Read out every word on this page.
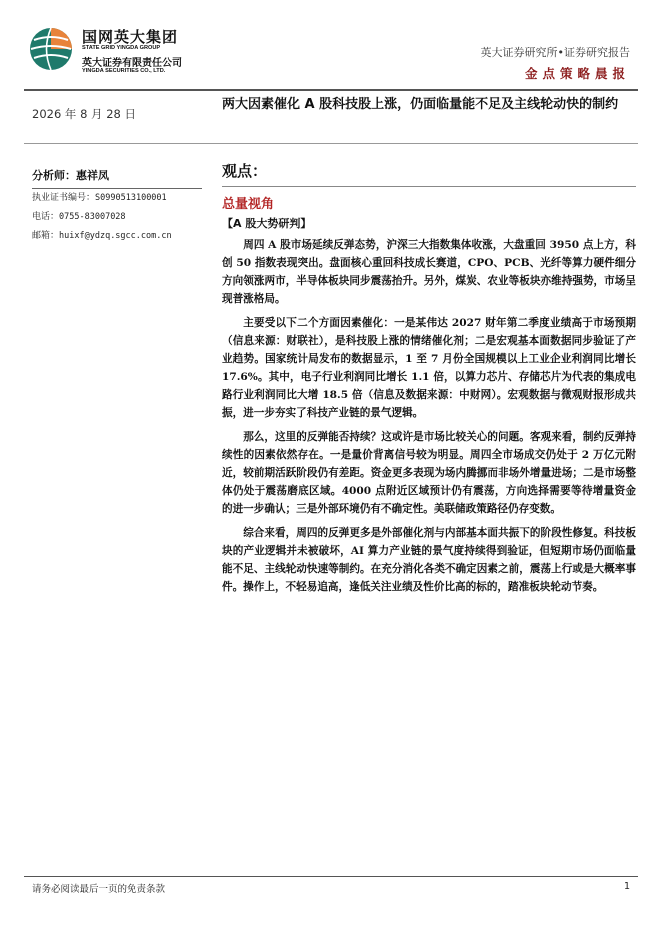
国网英大集团
STATE GRID YINGDA GROUP
英大证券有限责任公司
YINGDA SECURITIES CO., LTD.
英大证券研究所•证券研究报告
金点策略晨报
2026 年 8 月 28 日
两大因素催化 A 股科技股上涨，仍面临量能不足及主线轮动快的制约
分析师：惠祥凤
执业证书编号：S0990513100001
电话：0755-83007028
邮箱：huixf@ydzq.sgcc.com.cn
观点：
总量视角
【A 股大势研判】

周四 A 股市场延续反弹态势，沪深三大指数集体收涨，大盘重回 3950 点上方，科创 50 指数表现突出。盘面核心重回科技成长赛道，CPO、PCB、光纤等算力硬件细分方向领涨两市，半导体板块同步震荡抬升。另外，煤炭、农业等板块亦维持强势，市场呈现普涨格局。

主要受以下二个方面因素催化：一是某伟达 2027 财年第二季度业绩高于市场预期（信息来源：财联社），是科技股上涨的情绪催化剂；二是宏观基本面数据同步验证了产业趋势。国家统计局发布的数据显示，1 至 7 月份全国规模以上工业企业利润同比增长 17.6%。其中，电子行业利润同比增长 1.1 倍，以算力芯片、存储芯片为代表的集成电路行业利润同比大增 18.5 倍（信息及数据来源：中财网）。宏观数据与微观财报形成共振，进一步夯实了科技产业链的景气逻辑。

那么，这里的反弹能否持续？这或许是市场比较关心的问题。客观来看，制约反弹持续性的因素依然存在。一是量价背离信号较为明显。周四全市场成交仍处于 2 万亿元附近，较前期活跃阶段仍有差距。资金更多表现为场内腾挪而非场外增量进场；二是市场整体仍处于震荡磨底区域。4000 点附近区域预计仍有震荡，方向选择需要等待增量资金的进一步确认；三是外部环境仍有不确定性。美联储政策路径仍存变数。

综合来看，周四的反弹更多是外部催化剂与内部基本面共振下的阶段性修复。科技板块的产业逻辑并未被破坏，AI 算力产业链的景气度持续得到验证，但短期市场仍面临量能不足、主线轮动快速等制约。在充分消化各类不确定因素之前，震荡上行或是大概率事件。操作上，不轻易追高，逢低关注业绩及性价比高的标的，踏准板块轮动节奏。

请务必阅读最后一页的免责条款	1
